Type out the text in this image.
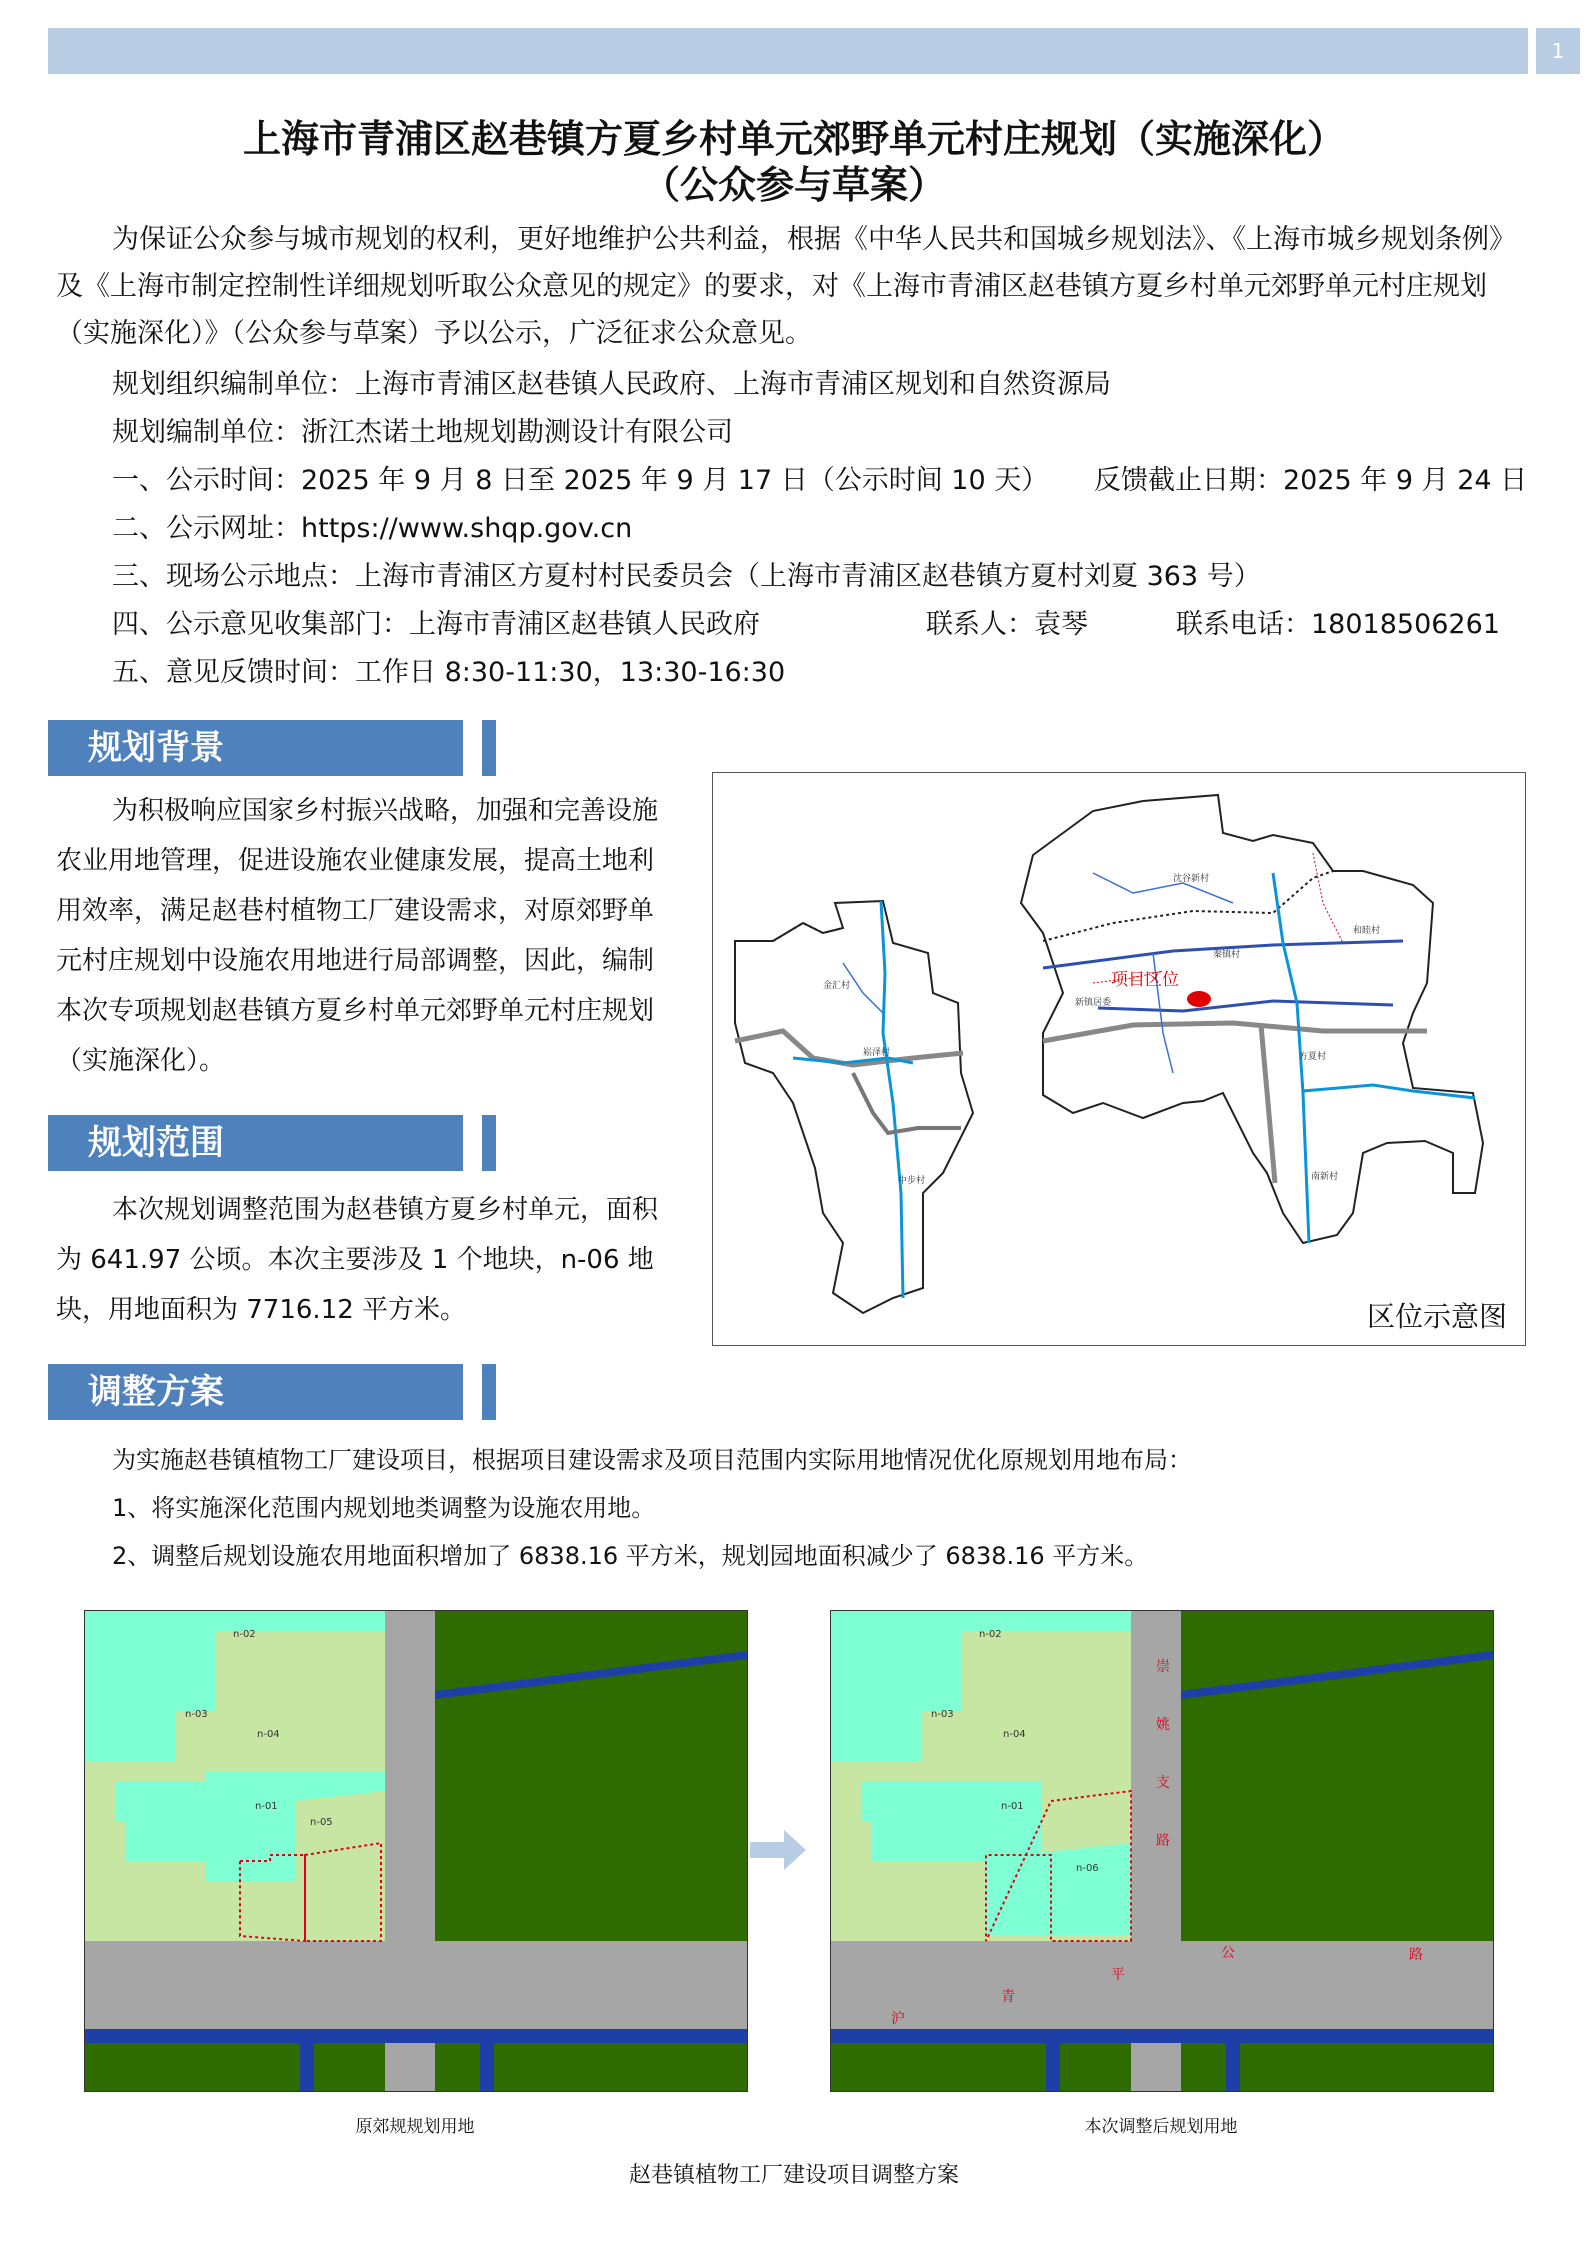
1
上海市青浦区赵巷镇方夏乡村单元郊野单元村庄规划（实施深化）
（公众参与草案）
为保证公众参与城市规划的权利，更好地维护公共利益，根据《中华人民共和国城乡规划法》、《上海市城乡规划条例》及《上海市制定控制性详细规划听取公众意见的规定》的要求，对《上海市青浦区赵巷镇方夏乡村单元郊野单元村庄规划（实施深化）》（公众参与草案）予以公示，广泛征求公众意见。
规划组织编制单位：上海市青浦区赵巷镇人民政府、上海市青浦区规划和自然资源局
规划编制单位：浙江杰诺土地规划勘测设计有限公司
一、公示时间：2025 年 9 月 8 日至 2025 年 9 月 17 日（公示时间 10 天） 反馈截止日期：2025 年 9 月 24 日
二、公示网址：https://www.shqp.gov.cn
三、现场公示地点：上海市青浦区方夏村村民委员会（上海市青浦区赵巷镇方夏村刘夏 363 号）
四、公示意见收集部门：上海市青浦区赵巷镇人民政府	联系人：袁琴	联系电话：18018506261
五、意见反馈时间：工作日 8:30-11:30，13:30-16:30
规划背景
为积极响应国家乡村振兴战略，加强和完善设施农业用地管理，促进设施农业健康发展，提高土地利用效率，满足赵巷村植物工厂建设需求，对原郊野单元村庄规划中设施农用地进行局部调整，因此，编制本次专项规划赵巷镇方夏乡村单元郊野单元村庄规划（实施深化）。
金汇村
崧泽村
中步村
项目区位
沈谷新村
秦镇村
和睦村
方夏村
南新村
新镇居委
区位示意图
规划范围
本次规划调整范围为赵巷镇方夏乡村单元，面积为 641.97 公顷。本次主要涉及 1 个地块，n-06 地块，用地面积为 7716.12 平方米。
调整方案
为实施赵巷镇植物工厂建设项目，根据项目建设需求及项目范围内实际用地情况优化原规划用地布局：
1、将实施深化范围内规划地类调整为设施农用地。
2、调整后规划设施农用地面积增加了 6838.16 平方米，规划园地面积减少了 6838.16 平方米。
n-02
n-03
n-04
n-01
n-05
n-02
n-03
n-04
n-01
n-06
崇
姚
支
路
沪
青
平
公	路
原郊规规划用地	本次调整后规划用地
赵巷镇植物工厂建设项目调整方案
